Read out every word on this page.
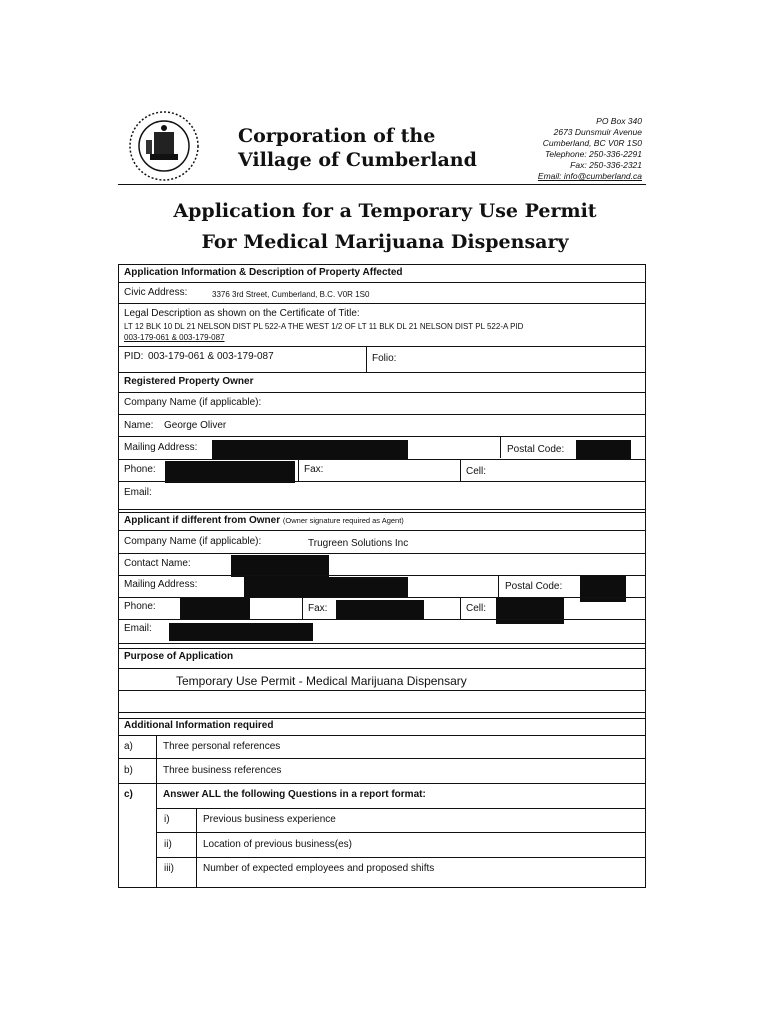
Corporation of the
Village of Cumberland
PO Box 340
2673 Dunsmuir Avenue
Cumberland, BC V0R 1S0
Telephone: 250-336-2291
Fax: 250-336-2321
Email: info@cumberland.ca
Application for a Temporary Use Permit
For Medical Marijuana Dispensary
Application Information & Description of Property Affected
Civic Address:	3376 3rd Street, Cumberland, B.C. V0R 1S0
Legal Description as shown on the Certificate of Title:
LT 12 BLK 10 DL 21 NELSON DIST PL 522-A THE WEST 1/2 OF LT 11 BLK DL 21 NELSON DIST PL 522-A PID
003-179-061 & 003-179-087
PID: 003-179-061 & 003-179-087	Folio:
Registered Property Owner
Company Name (if applicable):
Name: George Oliver
Mailing Address:	Postal Code:
Phone:	Fax:	Cell:
Email:
Applicant if different from Owner (Owner signature required as Agent)
Company Name (if applicable):	Trugreen Solutions Inc
Contact Name:
Mailing Address:	Postal Code:
Phone:	Fax:	Cell:
Email:
Purpose of Application
Temporary Use Permit - Medical Marijuana Dispensary
Additional Information required
a)	Three personal references
b)	Three business references
c)	Answer ALL the following Questions in a report format:
i)	Previous business experience
ii)	Location of previous business(es)
iii)	Number of expected employees and proposed shifts
